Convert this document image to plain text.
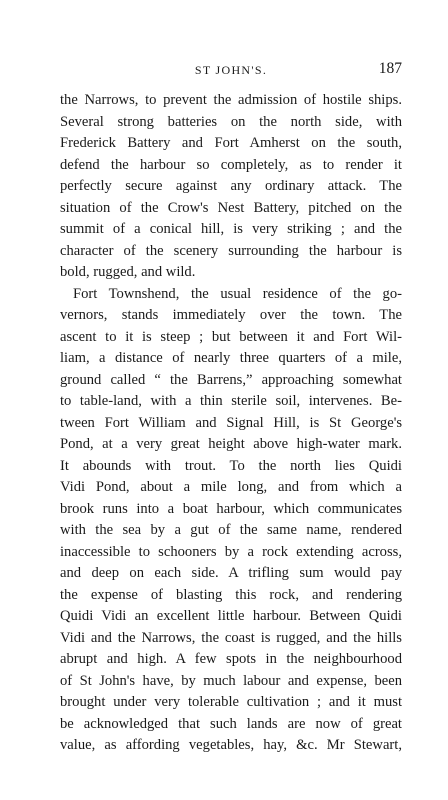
ST JOHN'S.	187
the Narrows, to prevent the admission of hostile ships.
Several strong batteries on the north side, with
Frederick Battery and Fort Amherst on the south,
defend the harbour so completely, as to render it
perfectly secure against any ordinary attack. The
situation of the Crow's Nest Battery, pitched on the
summit of a conical hill, is very striking ; and the
character of the scenery surrounding the harbour is
bold, rugged, and wild.
Fort Townshend, the usual residence of the go-
vernors, stands immediately over the town. The
ascent to it is steep ; but between it and Fort Wil-
liam, a distance of nearly three quarters of a mile,
ground called “ the Barrens,” approaching somewhat
to table-land, with a thin sterile soil, intervenes. Be-
tween Fort William and Signal Hill, is St George's
Pond, at a very great height above high-water mark.
It abounds with trout. To the north lies Quidi
Vidi Pond, about a mile long, and from which a
brook runs into a boat harbour, which communicates
with the sea by a gut of the same name, rendered
inaccessible to schooners by a rock extending across,
and deep on each side. A trifling sum would pay
the expense of blasting this rock, and rendering
Quidi Vidi an excellent little harbour. Between Quidi
Vidi and the Narrows, the coast is rugged, and the hills
abrupt and high. A few spots in the neighbourhood
of St John's have, by much labour and expense, been
brought under very tolerable cultivation ; and it must
be acknowledged that such lands are now of great
value, as affording vegetables, hay, &c. Mr Stewart,
